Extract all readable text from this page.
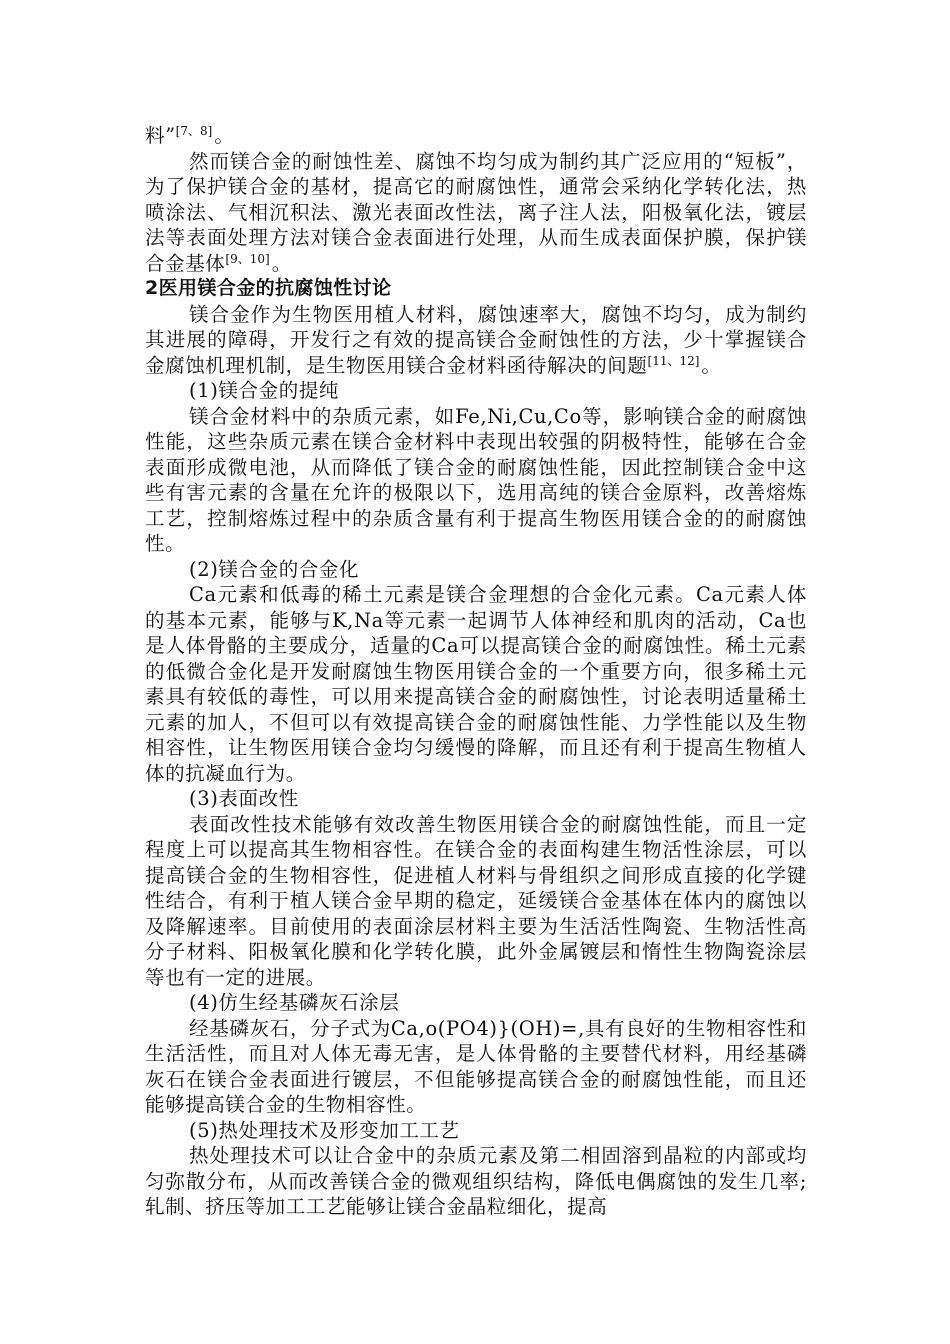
料”[7、8] 。

然而镁合金的耐蚀性差、腐蚀不均匀成为制约其广泛应用的“短板”，为了保护镁合金的基材，提高它的耐腐蚀性，通常会采纳化学转化法，热喷涂法、气相沉积法、激光表面改性法，离子注人法，阳极氧化法，镀层法等表面处理方法对镁合金表面进行处理，从而生成表面保护膜，保护镁合金基体[9、10] 。

2医用镁合金的抗腐蚀性讨论

镁合金作为生物医用植人材料，腐蚀速率大，腐蚀不均匀，成为制约其进展的障碍，开发行之有效的提高镁合金耐蚀性的方法，少十掌握镁合金腐蚀机理机制，是生物医用镁合金材料函待解决的间题[11、12] 。

(1)镁合金的提纯

镁合金材料中的杂质元素，如Fe,Ni,Cu,Co等，影响镁合金的耐腐蚀性能，这些杂质元素在镁合金材料中表现出较强的阴极特性，能够在合金表面形成微电池，从而降低了镁合金的耐腐蚀性能，因此控制镁合金中这些有害元素的含量在允许的极限以下，选用高纯的镁合金原料，改善熔炼工艺，控制熔炼过程中的杂质含量有利于提高生物医用镁合金的的耐腐蚀性。

(2)镁合金的合金化

Ca元素和低毒的稀土元素是镁合金理想的合金化元素。Ca元素人体的基本元素，能够与K,Na等元素一起调节人体神经和肌肉的活动，Ca也是人体骨骼的主要成分，适量的Ca可以提高镁合金的耐腐蚀性。稀土元素的低微合金化是开发耐腐蚀生物医用镁合金的一个重要方向，很多稀土元素具有较低的毒性，可以用来提高镁合金的耐腐蚀性，讨论表明适量稀土元素的加人，不但可以有效提高镁合金的耐腐蚀性能、力学性能以及生物相容性，让生物医用镁合金均匀缓慢的降解，而且还有利于提高生物植人体的抗凝血行为。

(3)表面改性

表面改性技术能够有效改善生物医用镁合金的耐腐蚀性能，而且一定程度上可以提高其生物相容性。在镁合金的表面构建生物活性涂层，可以提高镁合金的生物相容性，促进植人材料与骨组织之间形成直接的化学键性结合，有利于植人镁合金早期的稳定，延缓镁合金基体在体内的腐蚀以及降解速率。目前使用的表面涂层材料主要为生活活性陶瓷、生物活性高分子材料、阳极氧化膜和化学转化膜，此外金属镀层和惰性生物陶瓷涂层等也有一定的进展。

(4)仿生经基磷灰石涂层

经基磷灰石，分子式为Ca,o(PO4)}(OH)=,具有良好的生物相容性和生活活性，而且对人体无毒无害，是人体骨骼的主要替代材料，用经基磷灰石在镁合金表面进行镀层，不但能够提高镁合金的耐腐蚀性能，而且还能够提高镁合金的生物相容性。

(5)热处理技术及形变加工工艺

热处理技术可以让合金中的杂质元素及第二相固溶到晶粒的内部或均匀弥散分布，从而改善镁合金的微观组织结构，降低电偶腐蚀的发生几率;轧制、挤压等加工工艺能够让镁合金晶粒细化，提高
